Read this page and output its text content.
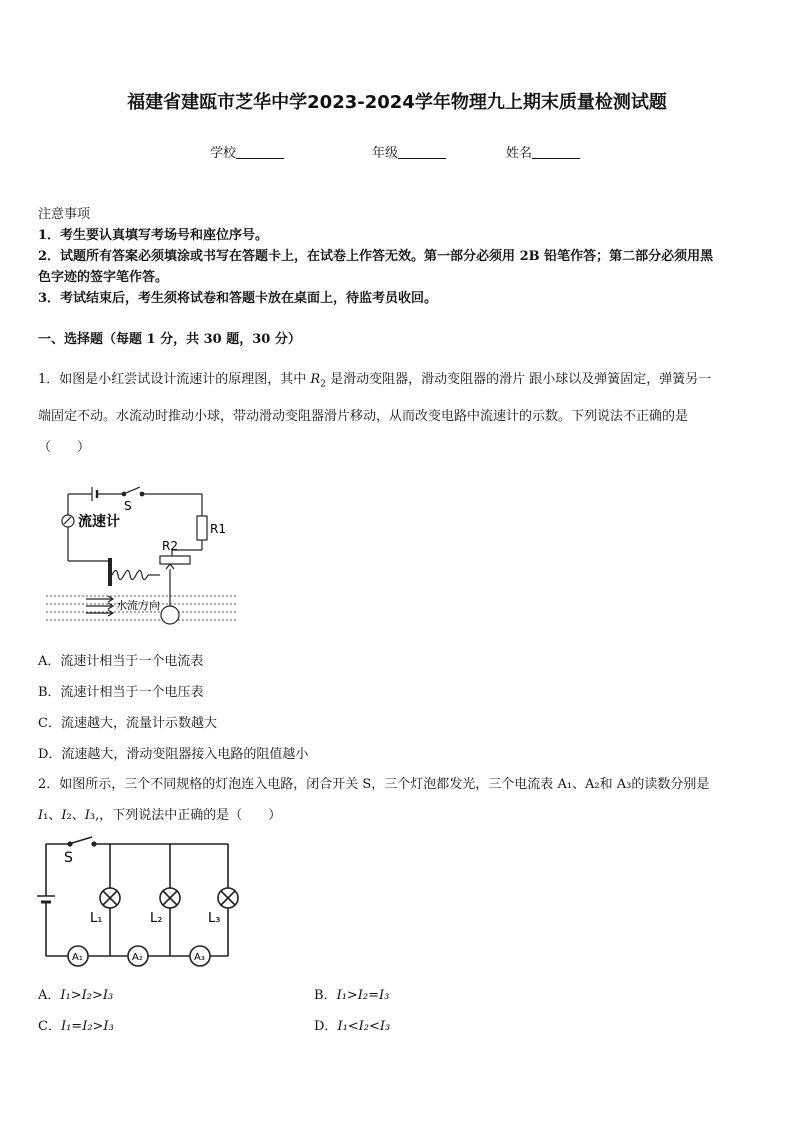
福建省建瓯市芝华中学2023-2024学年物理九上期末质量检测试题
学校	年级	姓名
注意事项
1．考生要认真填写考场号和座位序号。
2．试题所有答案必须填涂或书写在答题卡上，在试卷上作答无效。第一部分必须用 2B 铅笔作答；第二部分必须用黑
色字迹的签字笔作答。
3．考试结束后，考生须将试卷和答题卡放在桌面上，待监考员收回。
一、选择题（每题 1 分，共 30 题，30 分）
1．如图是小红尝试设计流速计的原理图，其中 $R_2$ 是滑动变阻器，滑动变阻器的滑片 跟小球以及弹簧固定，弹簧另一
端固定不动。水流动时推动小球，带动滑动变阻器滑片移动，从而改变电路中流速计的示数。下列说法不正确的是
（　　）
S
流速计	R1
R2
水流方向
A．流速计相当于一个电流表
B．流速计相当于一个电压表
C．流速越大，流量计示数越大
D．流速越大，滑动变阻器接入电路的阻值越小
2．如图所示，三个不同规格的灯泡连入电路，闭合开关 S，三个灯泡都发光，三个电流表 A₁、A₂和 A₃的读数分别是
I₁、I₂、I₃,，下列说法中正确的是（　　）
S
L₁	L₂	L₃
A₁	A₂	A₃
A．I₁>I₂>I₃	B．I₁>I₂=I₃
C．I₁=I₂>I₃	D．I₁<I₂<I₃
